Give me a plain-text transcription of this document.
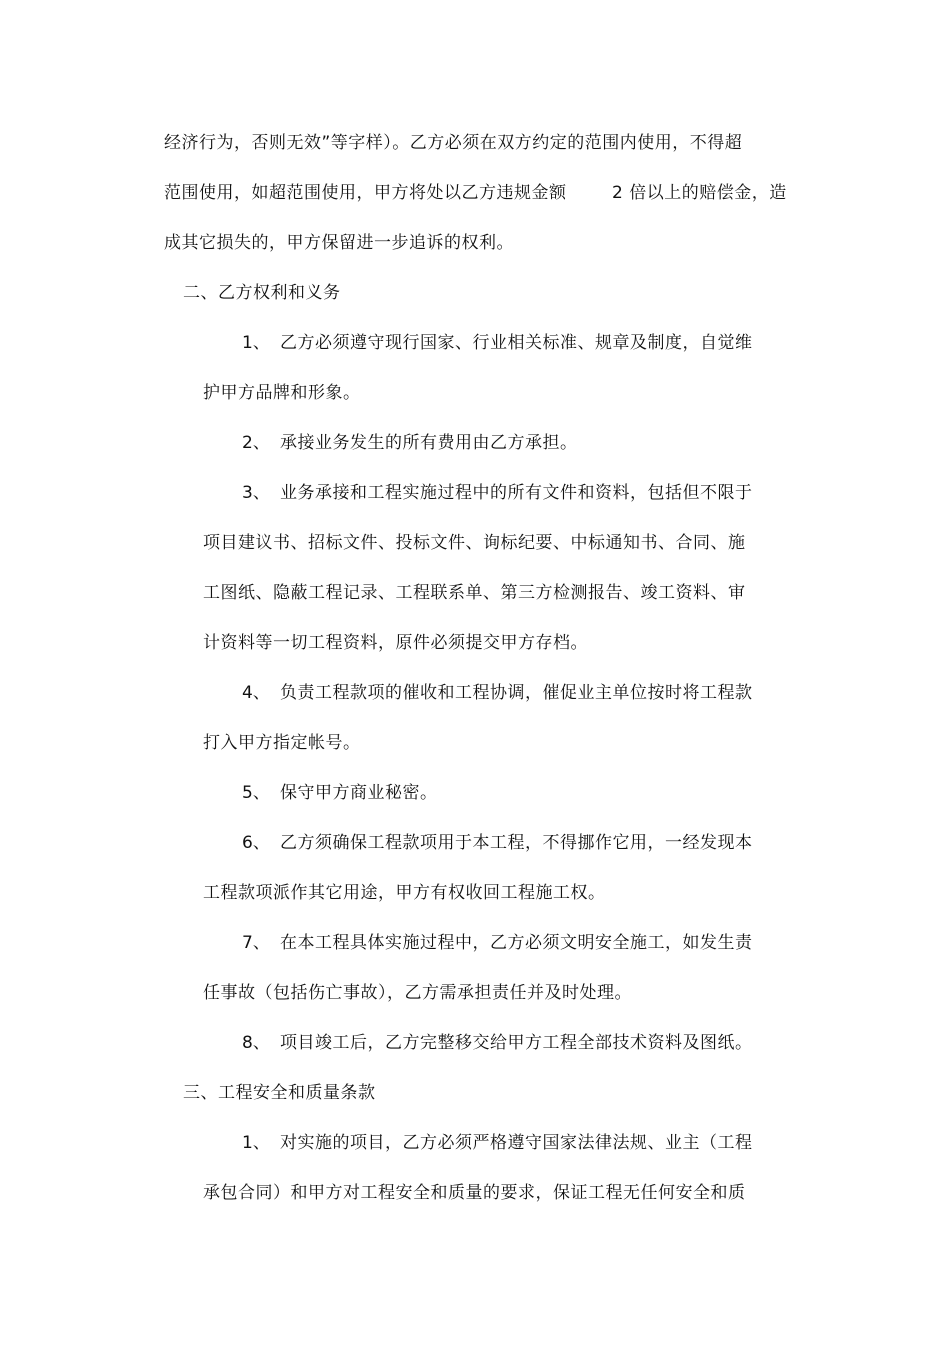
经济行为，否则无效”等字样）。乙方必须在双方约定的范围内使用，不得超
范围使用，如超范围使用，甲方将处以乙方违规金额	2 倍以上的赔偿金，造
成其它损失的，甲方保留进一步追诉的权利。
二、乙方权利和义务
1、 乙方必须遵守现行国家、行业相关标准、规章及制度，自觉维
护甲方品牌和形象。
2、 承接业务发生的所有费用由乙方承担。
3、 业务承接和工程实施过程中的所有文件和资料，包括但不限于
项目建议书、招标文件、投标文件、询标纪要、中标通知书、合同、施
工图纸、隐蔽工程记录、工程联系单、第三方检测报告、竣工资料、审
计资料等一切工程资料，原件必须提交甲方存档。
4、 负责工程款项的催收和工程协调，催促业主单位按时将工程款
打入甲方指定帐号。
5、 保守甲方商业秘密。
6、 乙方须确保工程款项用于本工程，不得挪作它用，一经发现本
工程款项派作其它用途，甲方有权收回工程施工权。
7、 在本工程具体实施过程中，乙方必须文明安全施工，如发生责
任事故（包括伤亡事故），乙方需承担责任并及时处理。
8、 项目竣工后，乙方完整移交给甲方工程全部技术资料及图纸。
三、工程安全和质量条款
1、 对实施的项目，乙方必须严格遵守国家法律法规、业主（工程
承包合同）和甲方对工程安全和质量的要求，保证工程无任何安全和质
